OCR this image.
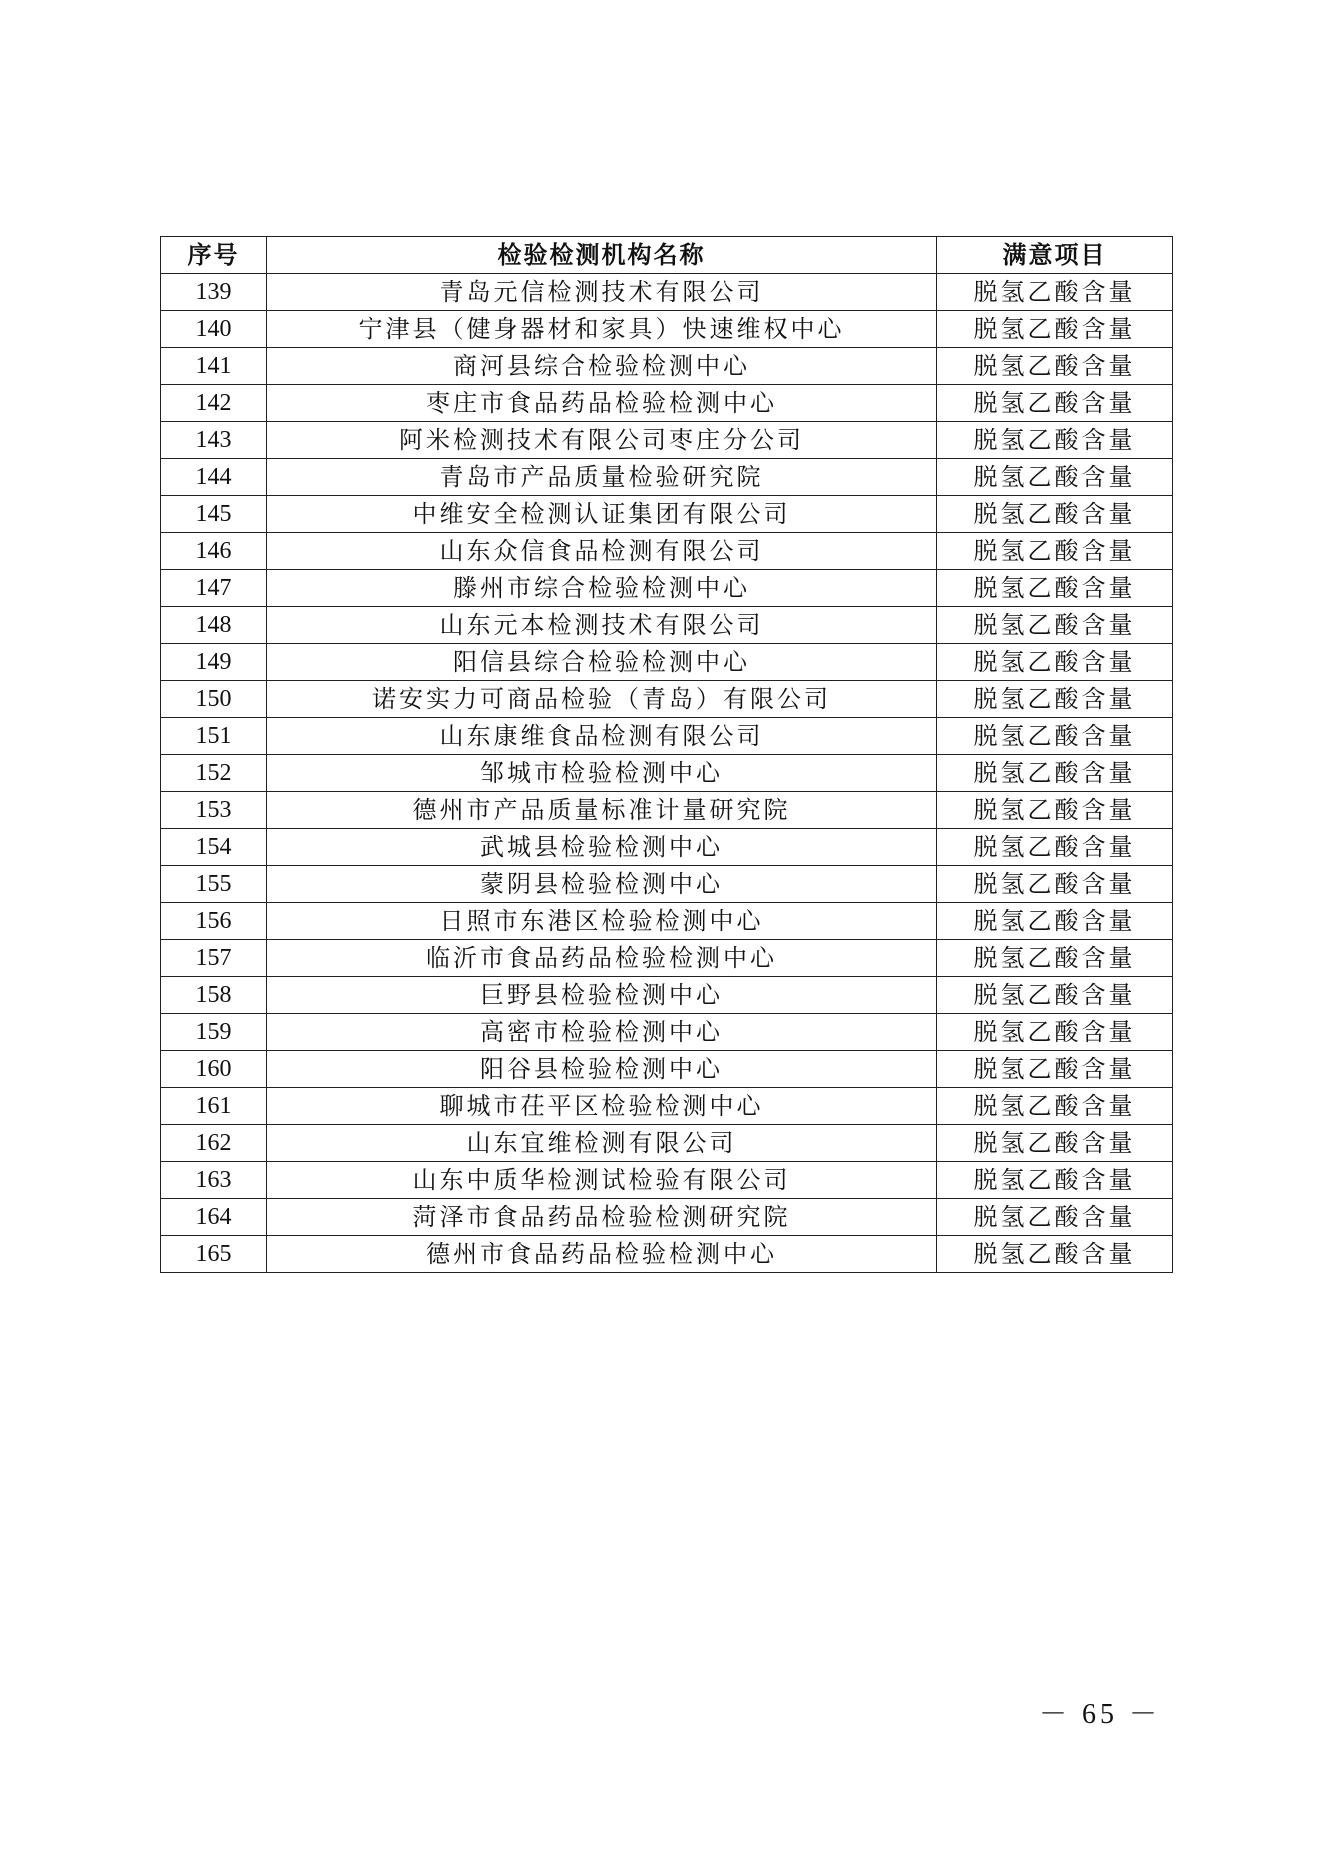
序号	检验检测机构名称	满意项目
139	青岛元信检测技术有限公司	脱氢乙酸含量
140	宁津县（健身器材和家具）快速维权中心	脱氢乙酸含量
141	商河县综合检验检测中心	脱氢乙酸含量
142	枣庄市食品药品检验检测中心	脱氢乙酸含量
143	阿米检测技术有限公司枣庄分公司	脱氢乙酸含量
144	青岛市产品质量检验研究院	脱氢乙酸含量
145	中维安全检测认证集团有限公司	脱氢乙酸含量
146	山东众信食品检测有限公司	脱氢乙酸含量
147	滕州市综合检验检测中心	脱氢乙酸含量
148	山东元本检测技术有限公司	脱氢乙酸含量
149	阳信县综合检验检测中心	脱氢乙酸含量
150	诺安实力可商品检验（青岛）有限公司	脱氢乙酸含量
151	山东康维食品检测有限公司	脱氢乙酸含量
152	邹城市检验检测中心	脱氢乙酸含量
153	德州市产品质量标准计量研究院	脱氢乙酸含量
154	武城县检验检测中心	脱氢乙酸含量
155	蒙阴县检验检测中心	脱氢乙酸含量
156	日照市东港区检验检测中心	脱氢乙酸含量
157	临沂市食品药品检验检测中心	脱氢乙酸含量
158	巨野县检验检测中心	脱氢乙酸含量
159	高密市检验检测中心	脱氢乙酸含量
160	阳谷县检验检测中心	脱氢乙酸含量
161	聊城市茌平区检验检测中心	脱氢乙酸含量
162	山东宜维检测有限公司	脱氢乙酸含量
163	山东中质华检测试检验有限公司	脱氢乙酸含量
164	菏泽市食品药品检验检测研究院	脱氢乙酸含量
165	德州市食品药品检验检测中心	脱氢乙酸含量
－ 65 －
